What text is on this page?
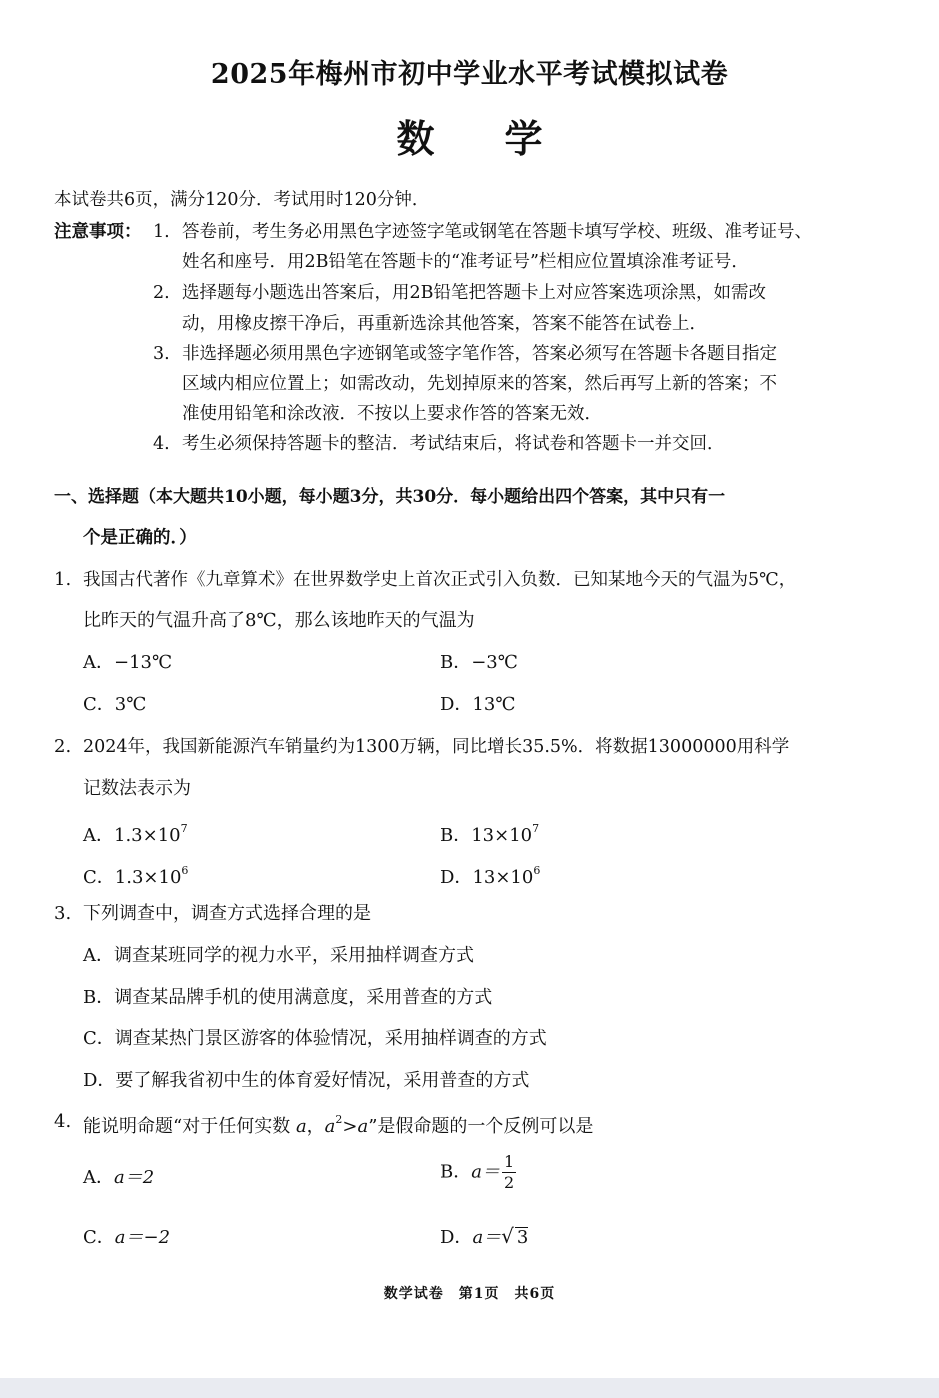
2025年梅州市初中学业水平考试模拟试卷
数学
本试卷共6页，满分120分．考试用时120分钟．
注意事项： 1. 答卷前，考生务必用黑色字迹签字笔或钢笔在答题卡填写学校、班级、准考证号、
姓名和座号．用2B铅笔在答题卡的“准考证号”栏相应位置填涂准考证号．
2. 选择题每小题选出答案后，用2B铅笔把答题卡上对应答案选项涂黑，如需改
动，用橡皮擦干净后，再重新选涂其他答案，答案不能答在试卷上．
3. 非选择题必须用黑色字迹钢笔或签字笔作答，答案必须写在答题卡各题目指定
区域内相应位置上；如需改动，先划掉原来的答案，然后再写上新的答案；不
准使用铅笔和涂改液．不按以上要求作答的答案无效．
4. 考生必须保持答题卡的整洁．考试结束后，将试卷和答题卡一并交回．
一、选择题（本大题共10小题，每小题3分，共30分．每小题给出四个答案，其中只有一
个是正确的．）
1. 我国古代著作《九章算术》在世界数学史上首次正式引入负数．已知某地今天的气温为5℃，
比昨天的气温升高了8℃，那么该地昨天的气温为
A．−13℃	B．−3℃
C．3℃	D．13℃
2. 2024年，我国新能源汽车销量约为1300万辆，同比增长35.5%．将数据13000000用科学
记数法表示为
A．$1.3\times 10^7$	B．$13\times 10^7$
C．$1.3\times 10^6$	D．$13\times 10^6$
3. 下列调查中，调查方式选择合理的是
A．调查某班同学的视力水平，采用抽样调查方式
B．调查某品牌手机的使用满意度，采用普查的方式
C．调查某热门景区游客的体验情况，采用抽样调查的方式
D．要了解我省初中生的体育爱好情况，采用普查的方式
4. 能说明命题“对于任何实数 a，$a^2>a$”是假命题的一个反例可以是
A．a＝2	B．$a= \frac{1}{2}$
C．a＝−2	D．a＝√ 3
数学试卷　第1页　共6页
